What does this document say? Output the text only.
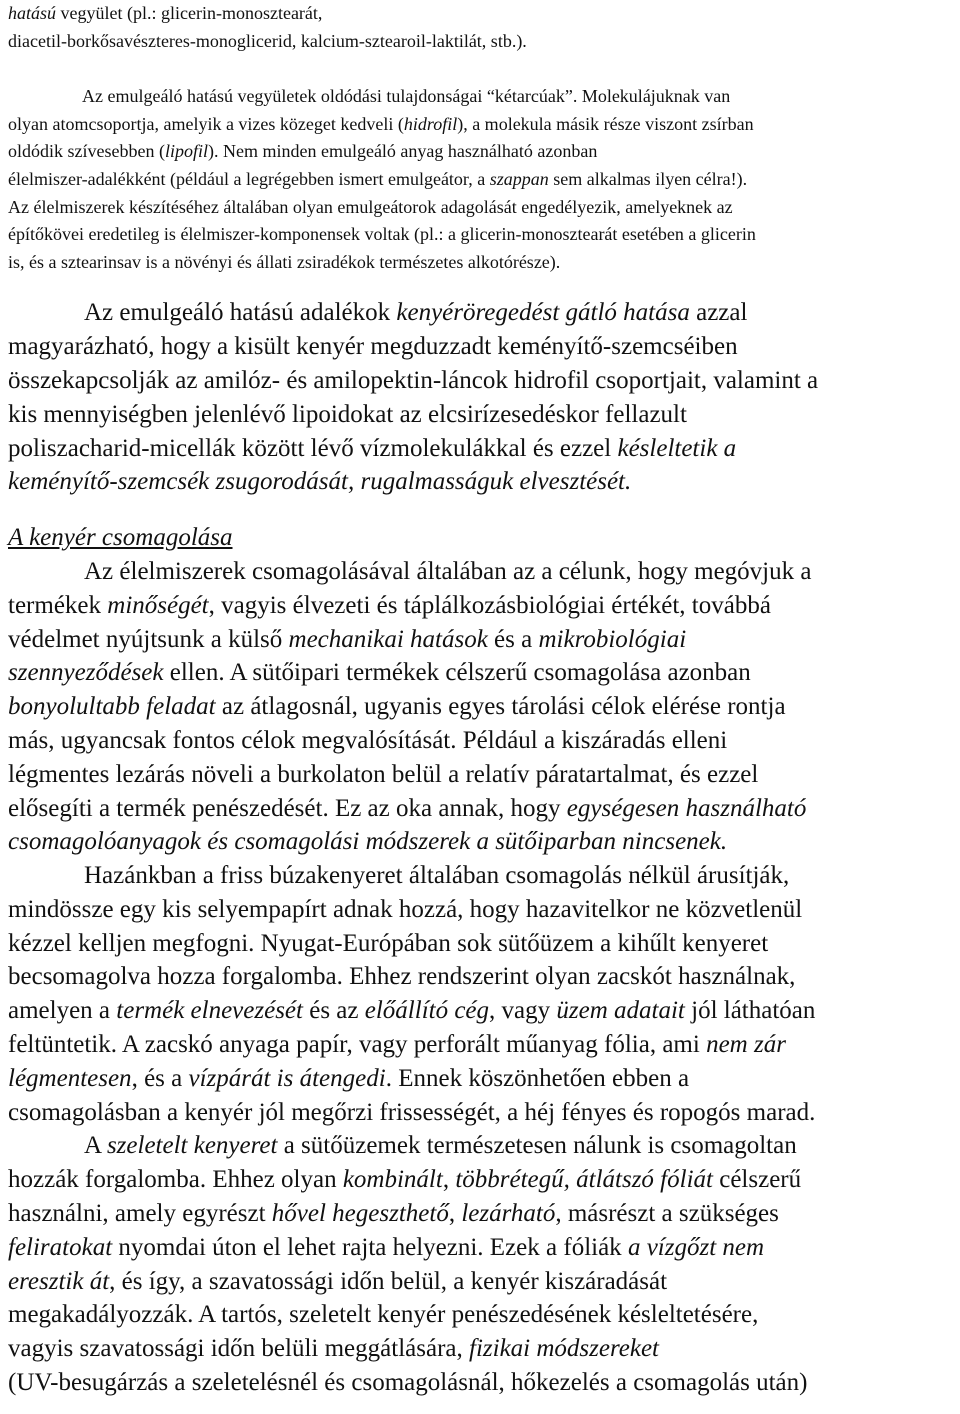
hatású vegyület (pl.: glicerin-monosztearát,
diacetil-borkősavészteres-monoglicerid, kalcium-sztearoil-laktilát, stb.).
Az emulgeáló hatású vegyületek oldódási tulajdonságai “kétarcúak”. Molekulájuknak van
olyan atomcsoportja, amelyik a vizes közeget kedveli (hidrofil), a molekula másik része viszont zsírban
oldódik szívesebben (lipofil). Nem minden emulgeáló anyag használható azonban
élelmiszer-adalékként (például a legrégebben ismert emulgeátor, a szappan sem alkalmas ilyen célra!).
Az élelmiszerek készítéséhez általában olyan emulgeátorok adagolását engedélyezik, amelyeknek az
építőkövei eredetileg is élelmiszer-komponensek voltak (pl.: a glicerin-monosztearát esetében a glicerin
is, és a sztearinsav is a növényi és állati zsiradékok természetes alkotórésze).
Az emulgeáló hatású adalékok kenyéröregedést gátló hatása azzal
magyarázható, hogy a kisült kenyér megduzzadt keményítő-szemcséiben
összekapcsolják az amilóz- és amilopektin-láncok hidrofil csoportjait, valamint a
kis mennyiségben jelenlévő lipoidokat az elcsirízesedéskor fellazult
poliszacharid-micellák között lévő vízmolekulákkal és ezzel késleltetik a
keményítő-szemcsék zsugorodását, rugalmasságuk elvesztését.
A kenyér csomagolása
Az élelmiszerek csomagolásával általában az a célunk, hogy megóvjuk a
termékek minőségét, vagyis élvezeti és táplálkozásbiológiai értékét, továbbá
védelmet nyújtsunk a külső mechanikai hatások és a mikrobiológiai
szennyeződések ellen. A sütőipari termékek célszerű csomagolása azonban
bonyolultabb feladat az átlagosnál, ugyanis egyes tárolási célok elérése rontja
más, ugyancsak fontos célok megvalósítását. Például a kiszáradás elleni
légmentes lezárás növeli a burkolaton belül a relatív páratartalmat, és ezzel
elősegíti a termék penészedését. Ez az oka annak, hogy egységesen használható
csomagolóanyagok és csomagolási módszerek a sütőiparban nincsenek.
Hazánkban a friss búzakenyeret általában csomagolás nélkül árusítják,
mindössze egy kis selyempapírt adnak hozzá, hogy hazavitelkor ne közvetlenül
kézzel kelljen megfogni. Nyugat-Európában sok sütőüzem a kihűlt kenyeret
becsomagolva hozza forgalomba. Ehhez rendszerint olyan zacskót használnak,
amelyen a termék elnevezését és az előállító cég, vagy üzem adatait jól láthatóan
feltüntetik. A zacskó anyaga papír, vagy perforált műanyag fólia, ami nem zár
légmentesen, és a vízpárát is átengedi. Ennek köszönhetően ebben a
csomagolásban a kenyér jól megőrzi frissességét, a héj fényes és ropogós marad.
A szeletelt kenyeret a sütőüzemek természetesen nálunk is csomagoltan
hozzák forgalomba. Ehhez olyan kombinált, többrétegű, átlátszó fóliát célszerű
használni, amely egyrészt hővel hegeszthető, lezárható, másrészt a szükséges
feliratokat nyomdai úton el lehet rajta helyezni. Ezek a fóliák a vízgőzt nem
eresztik át, és így, a szavatossági időn belül, a kenyér kiszáradását
megakadályozzák. A tartós, szeletelt kenyér penészedésének késleltetésére,
vagyis szavatossági időn belüli meggátlására, fizikai módszereket
(UV-besugárzás a szeletelésnél és csomagolásnál, hőkezelés a csomagolás után)
